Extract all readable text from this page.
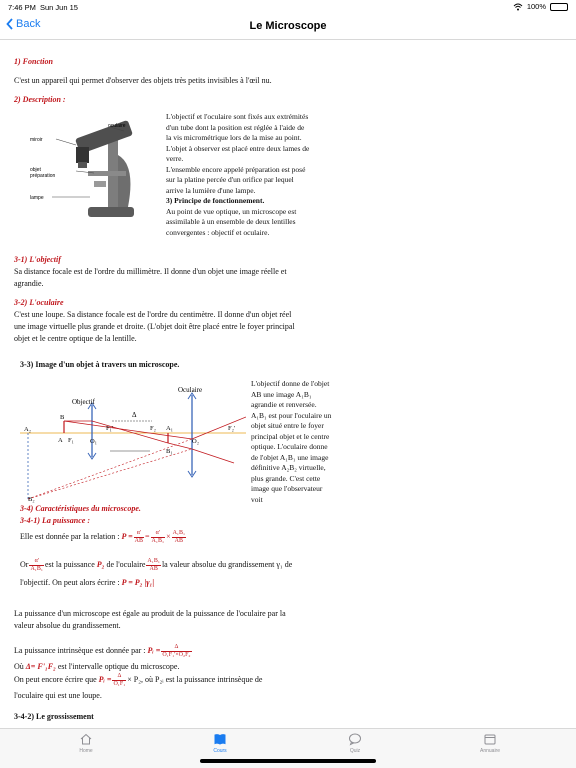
7:46 PM Sun Jun 15	100%
Back	Le Microscope
1) Fonction
C'est un appareil qui permet d'observer des objets très petits invisibles à l'œil nu.
2) Description :
oculaire
miroir
objet
préparation
lampe
L'objectif et l'oculaire sont fixés aux extrémités
d'un tube dont la position est réglée à l'aide de
la vis micrométrique lors de la mise au point.
L'objet à observer est placé entre deux lames de
verre.
L'ensemble encore appelé préparation est posé
sur la platine percée d'un orifice par lequel
arrive la lumière d'une lampe.
3) Principe de fonctionnement.
Au point de vue optique, un microscope est
assimilable à un ensemble de deux lentilles
convergentes : objectif et oculaire.
3-1) L'objectif
Sa distance focale est de l'ordre du millimètre. Il donne d'un objet une image réelle et
agrandie.
3-2) L'oculaire
C'est une loupe. Sa distance focale est de l'ordre du centimètre. Il donne d'un objet réel
une image virtuelle plus grande et droite. (L'objet doit être placé entre le foyer principal
objet et le centre optique de la lentille.
3-3) Image d'un objet à travers un microscope.
Objectif
Oculaire
Δ
A₂
B
A F₁ O₁
F₁'	F₂ A₁
B₁
O₂
F₂'
B₂
L'objectif donne de l'objet
AB une image A₁B₁
agrandie et renversée.
A₁B₁ est pour l'oculaire un
objet situé entre le foyer
principal objet et le centre
optique. L'oculaire donne
de l'objet A₁B₁ une image
définitive A₂B₂ virtuelle,
plus grande. C'est cette
image que l'observateur
voit
3-4) Caractéristiques du microscope.
3-4-1) La puissance :
Elle est donnée par la relation : $P = \frac{\alpha'}{AB} = \frac{\alpha'}{\text{A₁B₁}} \times \frac{\text{A₁B₁}}{AB}$
Or	α'
A₁B₁ est la puissance P₂ de l'oculaire A₁B₁
AB la valeur absolue du grandissement γ₁ de
l'objectif. On peut alors écrire : P = P₂ |γ₁|
La puissance d'un microscope est égale au produit de la puissance de l'oculaire par la
valeur absolue du grandissement.
La puissance intrinsèque est donnée par : Pᵢ = $\frac{\Delta}{\text{O₁F₁'×O₂F₂}}$
Où Δ= F'₁F₂ est l'intervalle optique du microscope.
On peut encore écrire que Pᵢ = $\frac{\Delta}{\text{O₁F₁}} \times P_2$, où P₂ᵢ est la puissance intrinsèque de
l'oculaire qui est une loupe.
3-4-2) Le grossissement
Home	Cours	Quiz	Annuaire
